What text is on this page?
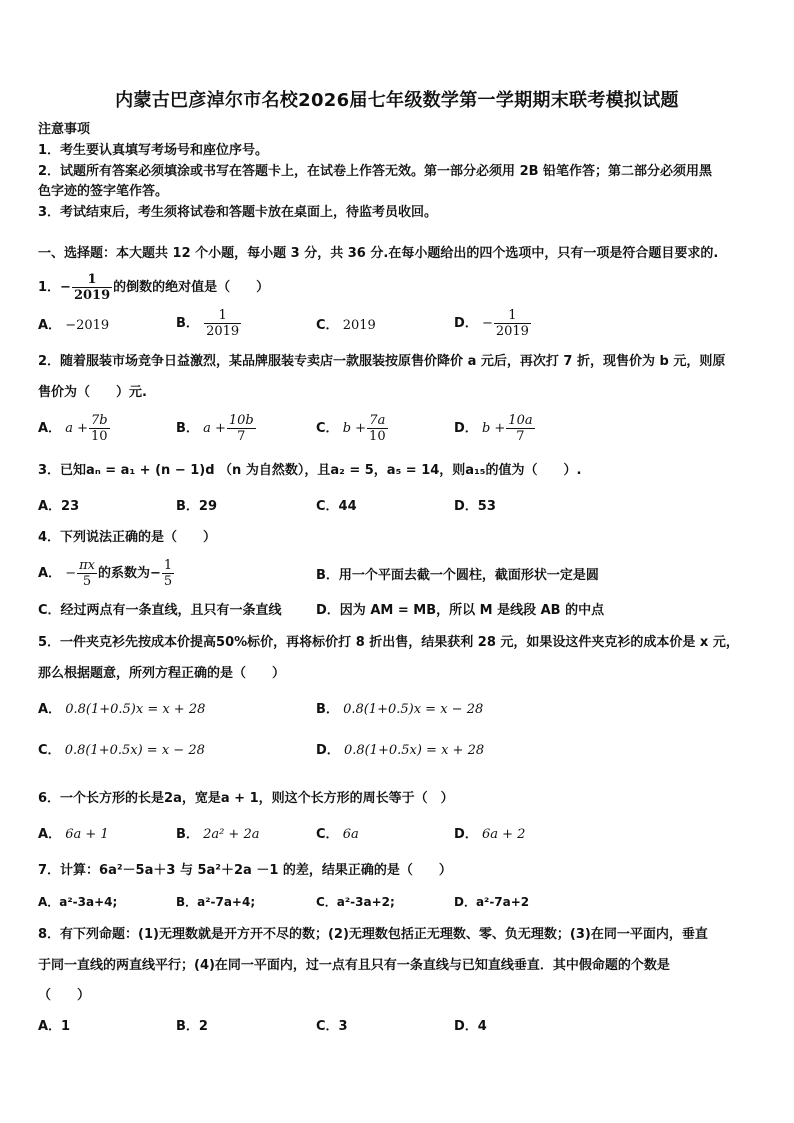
内蒙古巴彦淖尔市名校2026届七年级数学第一学期期末联考模拟试题
注意事项
1．考生要认真填写考场号和座位序号。
2．试题所有答案必须填涂或书写在答题卡上，在试卷上作答无效。第一部分必须用 2B 铅笔作答；第二部分必须用黑
色字迹的签字笔作答。
3．考试结束后，考生须将试卷和答题卡放在桌面上，待监考员收回。
一、选择题：本大题共 12 个小题，每小题 3 分，共 36 分.在每小题给出的四个选项中，只有一项是符合题目要求的.
1．− $\frac{1}{2019}$ 的倒数的绝对值是（　　）
A． −2019	B． $\frac{1}{2019}$	C． 2019	D． − $\frac{1}{2019}$
2．随着服装市场竞争日益激烈，某品牌服装专卖店一款服装按原售价降价 a 元后，再次打 7 折，现售价为 b 元，则原
售价为（　　）元.
A． $a + \frac{7b}{10}$	B． $a + \frac{10b}{7}$	C． $b + \frac{7a}{10}$	D． $b + \frac{10a}{7}$
3．已知aₙ = a₁ + (n − 1)d （n 为自然数），且a₂ = 5，a₅ = 14，则a₁₅的值为（　　）.
A．23	B．29	C．44	D．53
4．下列说法正确的是（　　）
A． − $\frac{\pi x}{5}$ 的系数为− $\frac{1}{5}$	B．用一个平面去截一个圆柱，截面形状一定是圆
C．经过两点有一条直线，且只有一条直线	D．因为 AM = MB，所以 M 是线段 AB 的中点
5．一件夹克衫先按成本价提高50%标价，再将标价打 8 折出售，结果获利 28 元，如果设这件夹克衫的成本价是 x 元，
那么根据题意，所列方程正确的是（　　）
A． 0.8(1+0.5)x = x + 28	B． 0.8(1+0.5)x = x − 28
C． 0.8(1+0.5x) = x − 28	D． 0.8(1+0.5x) = x + 28
6．一个长方形的长是2a，宽是a + 1，则这个长方形的周长等于（　）
A． 6a + 1	B． 2a² + 2a	C． 6a	D． 6a + 2
7．计算：6a²－5a＋3 与 5a²＋2a －1 的差，结果正确的是（　　）
A．a²-3a+4;	B．a²-7a+4;	C．a²-3a+2;	D．a²-7a+2
8．有下列命题：(1)无理数就是开方开不尽的数；(2)无理数包括正无理数、零、负无理数；(3)在同一平面内，垂直
于同一直线的两直线平行；(4)在同一平面内，过一点有且只有一条直线与已知直线垂直．其中假命题的个数是
（　　）
A．1	B．2	C．3	D．4
